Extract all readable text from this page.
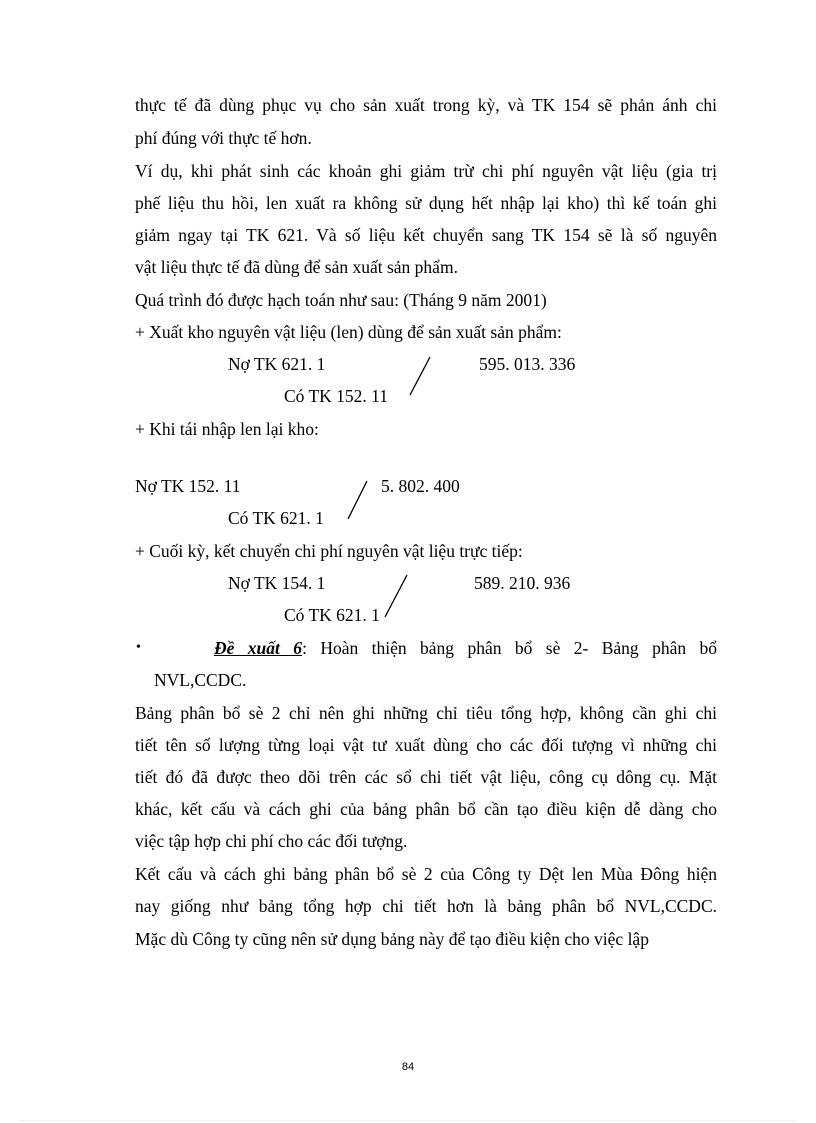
thực tế đã dùng phục vụ cho sản xuất trong kỳ, và TK 154 sẽ phản ánh chi
phí đúng với thực tế hơn.
Ví dụ, khi phát sinh các khoản ghi giảm trừ chi phí nguyên vật liệu (gia trị
phế liệu thu hồi, len xuất ra không sử dụng hết nhập lại kho) thì kế toán ghi
giảm ngay tại TK 621. Và số liệu kết chuyển sang TK 154 sẽ là số nguyên
vật liệu thực tế đã dùng để sản xuất sản phẩm.
Quá trình đó được hạch toán như sau: (Tháng 9 năm 2001)
+ Xuất kho nguyên vật liệu (len) dùng để sản xuất sản phẩm:
Nợ TK 621. 1	595. 013. 336
Có TK 152. 11
+ Khi tái nhập len lại kho:
Nợ TK 152. 11	5. 802. 400
Có TK 621. 1
+ Cuối kỳ, kết chuyển chi phí nguyên vật liệu trực tiếp:
Nợ TK 154. 1	589. 210. 936
Có TK 621. 1
•	Đề xuất 6: Hoàn thiện bảng phân bổ sè 2- Bảng phân bổ
NVL,CCDC.
Bảng phân bổ sè 2 chỉ nên ghi những chỉ tiêu tổng hợp, không cần ghi chi
tiết tên số lượng từng loại vật tư xuất dùng cho các đối tượng vì những chi
tiết đó đã được theo dõi trên các sổ chi tiết vật liệu, công cụ dông cụ. Mặt
khác, kết cấu và cách ghi của bảng phân bổ cần tạo điều kiện dễ dàng cho
việc tập hợp chi phí cho các đối tượng.
Kết cấu và cách ghi bảng phân bổ sè 2 của Công ty Dệt len Mùa Đông hiện
nay giống như bảng tổng hợp chi tiết hơn là bảng phân bổ NVL,CCDC.
Mặc dù Công ty cũng nên sử dụng bảng này để tạo điều kiện cho việc lập
84
